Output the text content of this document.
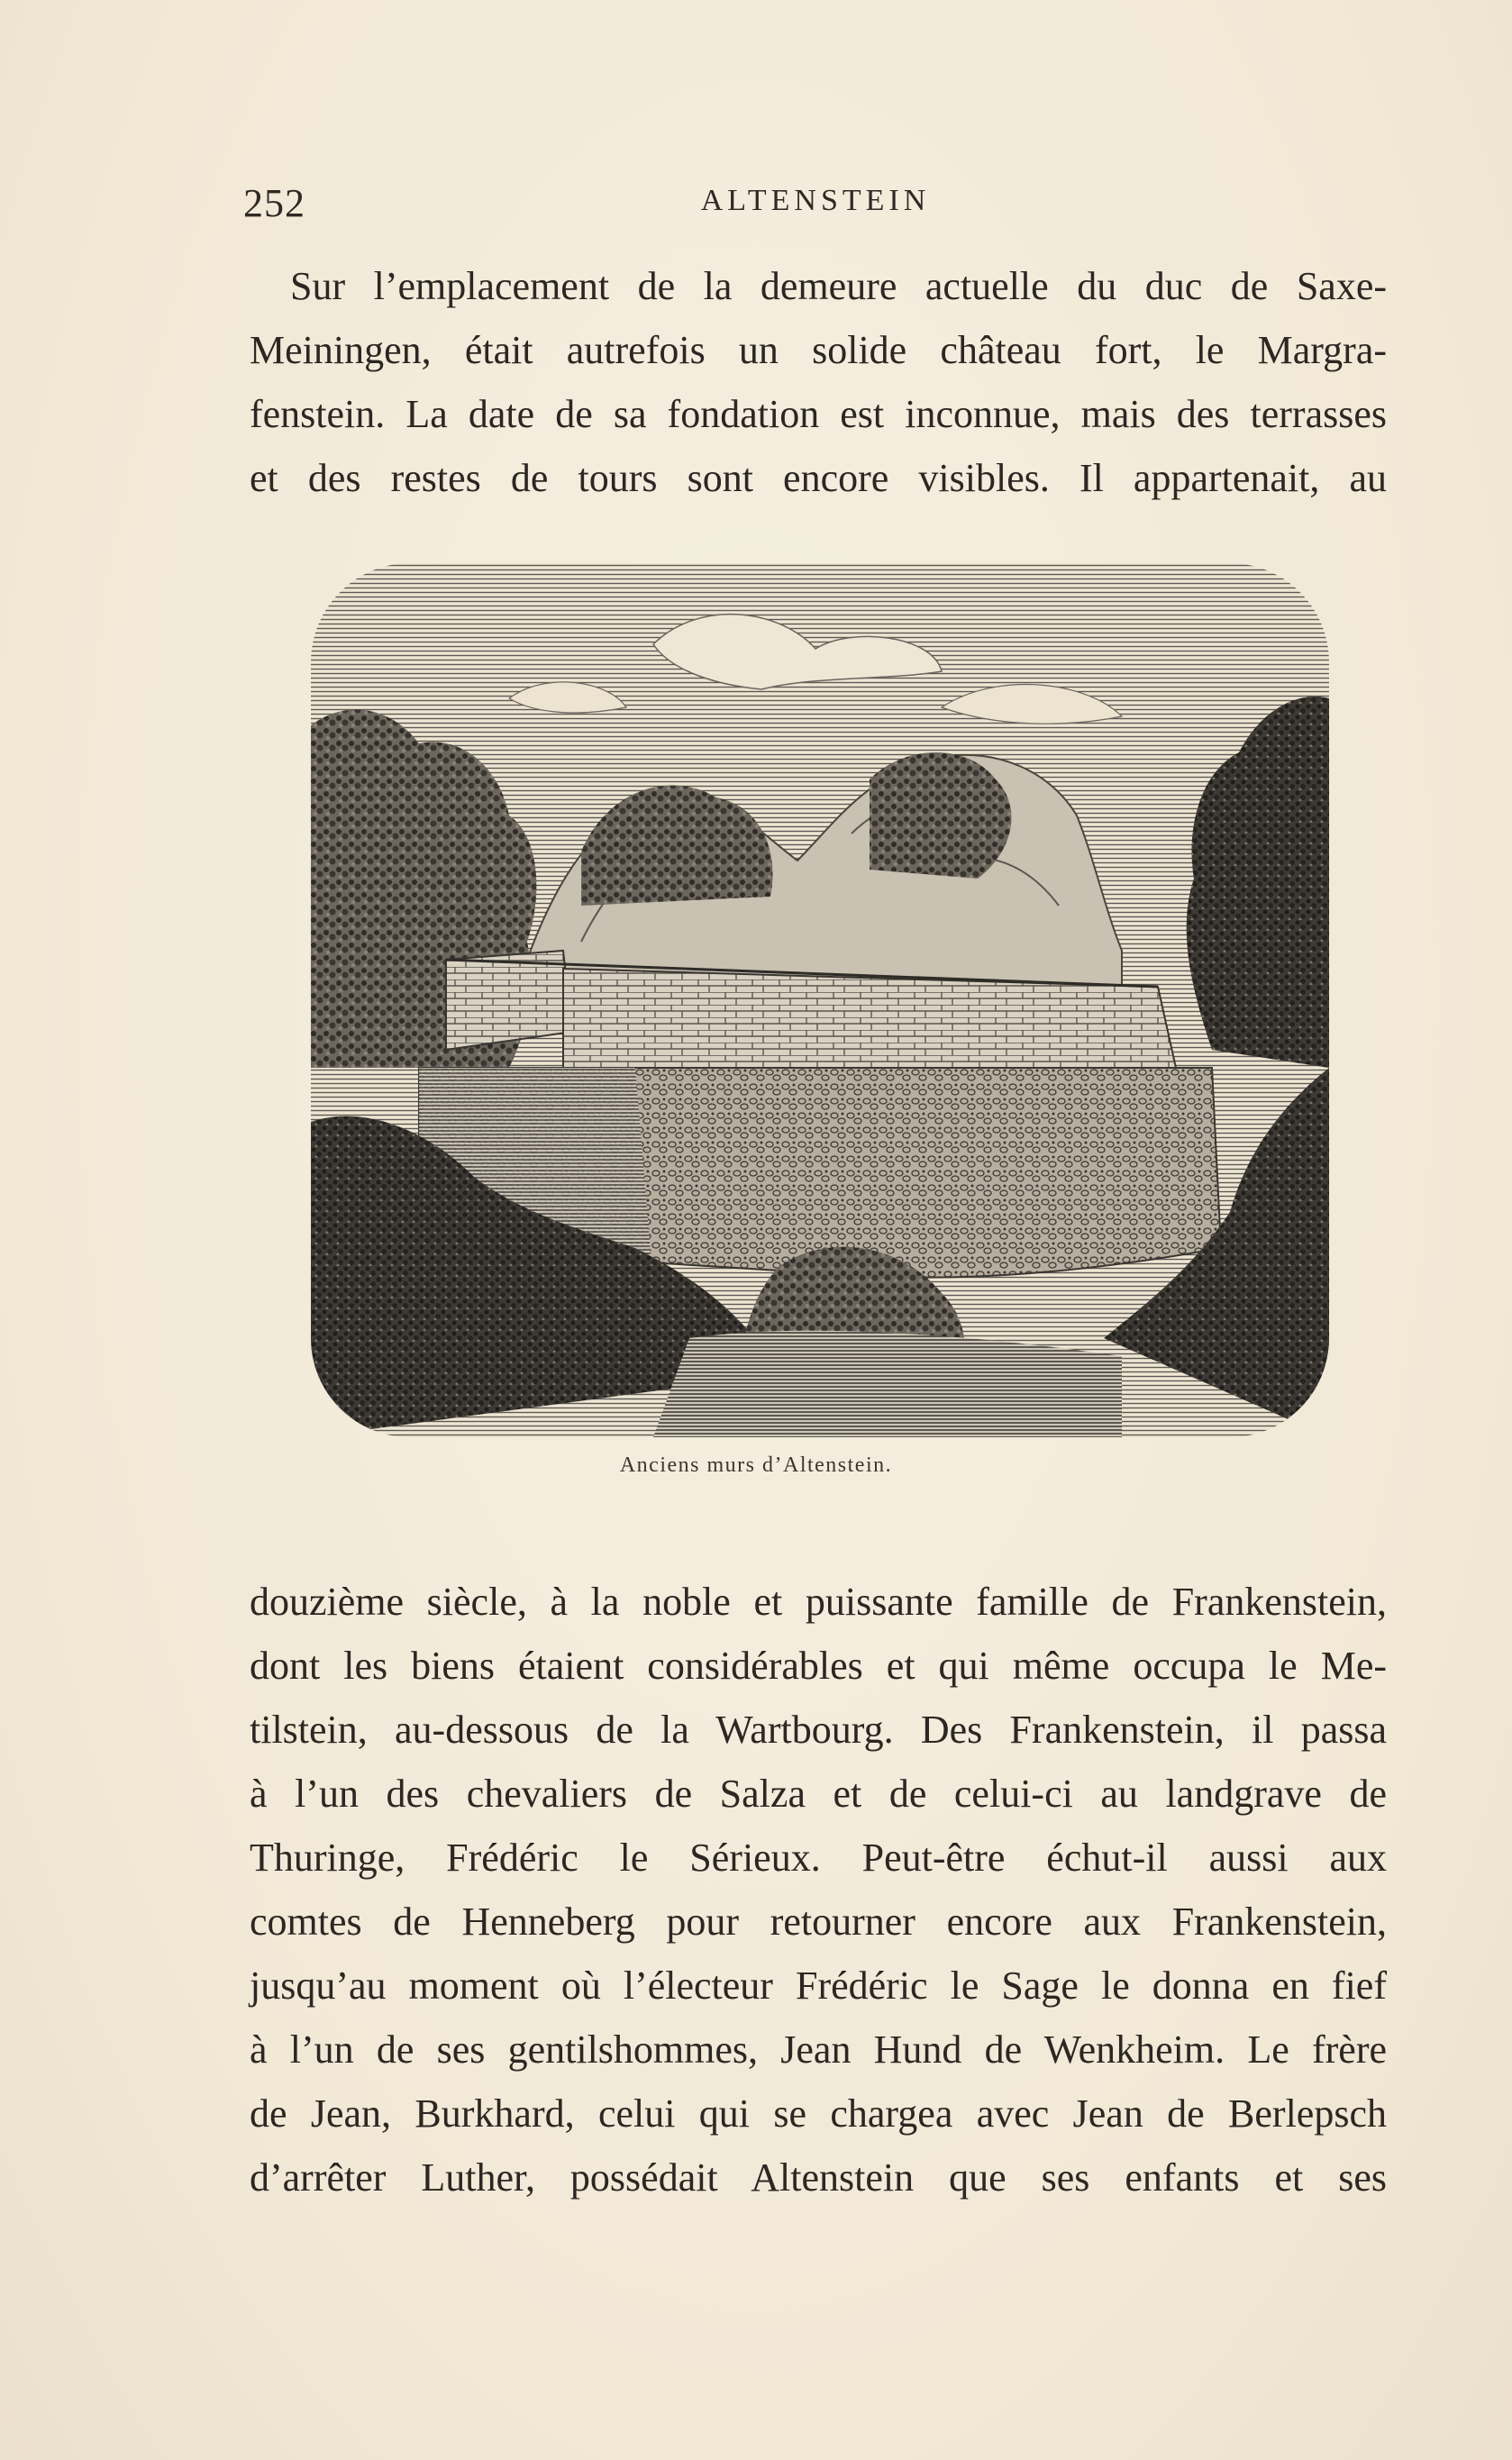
252	ALTENSTEIN
Sur l’emplacement de la demeure actuelle du duc de Saxe-
Meiningen, était autrefois un solide château fort, le Margra-
fenstein. La date de sa fondation est inconnue, mais des terrasses
et des restes de tours sont encore visibles. Il appartenait, au
Anciens murs d’Altenstein.
douzième siècle, à la noble et puissante famille de Frankenstein,
dont les biens étaient considérables et qui même occupa le Me-
tilstein, au-dessous de la Wartbourg. Des Frankenstein, il passa
à l’un des chevaliers de Salza et de celui-ci au landgrave de
Thuringe, Frédéric le Sérieux. Peut-être échut-il aussi aux
comtes de Henneberg pour retourner encore aux Frankenstein,
jusqu’au moment où l’électeur Frédéric le Sage le donna en fief
à l’un de ses gentilshommes, Jean Hund de Wenkheim. Le frère
de Jean, Burkhard, celui qui se chargea avec Jean de Berlepsch
d’arrêter Luther, possédait Altenstein que ses enfants et ses
